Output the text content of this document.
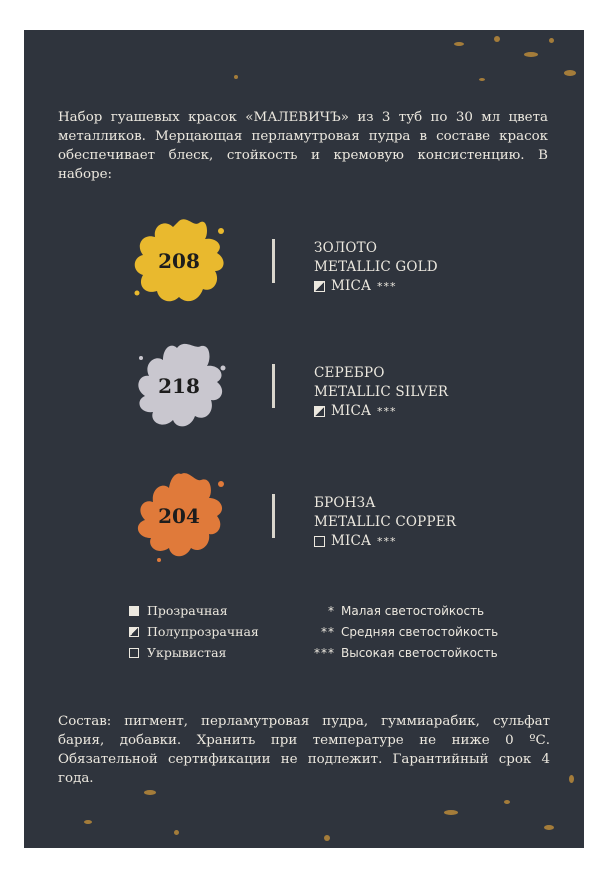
Набор гуашевых красок «МАЛЕВИЧЪ» из 3 туб по 30 мл цвета металликов. Мерцающая перламутровая пудра в составе красок обеспечивает блеск, стойкость и кремовую консистенцию. В наборе:

208
ЗОЛОТО
METALLIC GOLD
MICA ***
218
СЕРЕБРО
METALLIC SILVER
MICA ***
204
БРОНЗА
METALLIC COPPER
MICA ***
Прозрачная
Полупрозрачная
Укрывистая
* Малая светостойкость
** Средняя светостойкость
*** Высокая светостойкость

Состав: пигмент, перламутровая пудра, гуммиарабик, сульфат бария, добавки. Хранить при температуре не ниже 0 ºС. Обязательной сертификации не подлежит. Гарантийный срок 4 года.
